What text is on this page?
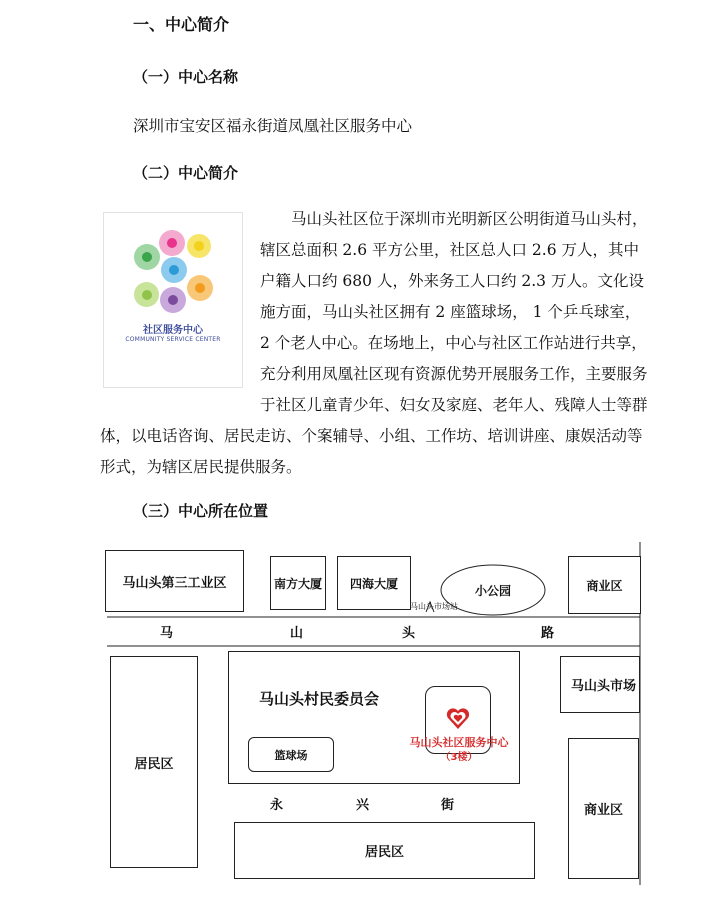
一、中心简介
（一）中心名称
深圳市宝安区福永街道凤凰社区服务中心
（二）中心简介
社区服务中心
COMMUNITY SERVICE CENTER
马山头社区位于深圳市光明新区公明街道马山头村，辖区总面积 2.6 平方公里，社区总人口 2.6 万人，其中户籍人口约 680 人，外来务工人口约 2.3 万人。文化设施方面，马山头社区拥有 2 座篮球场， 1 个乒乓球室，2 个老人中心。在场地上，中心与社区工作站进行共享，充分利用凤凰社区现有资源优势开展服务工作，主要服务于社区儿童青少年、妇女及家庭、老年人、残障人士等群体，以电话咨询、居民走访、个案辅导、小组、工作坊、培训讲座、康娱活动等形式，为辖区居民提供服务。
（三）中心所在位置
马山头第三工业区	南方大厦	四海大厦
小公园
马山头市场站
商业区
马	山	头	路
居民区
马山头村民委员会
篮球场
马山头社区服务中心
（3楼）
马山头市场
商业区
永	兴	街
居民区
